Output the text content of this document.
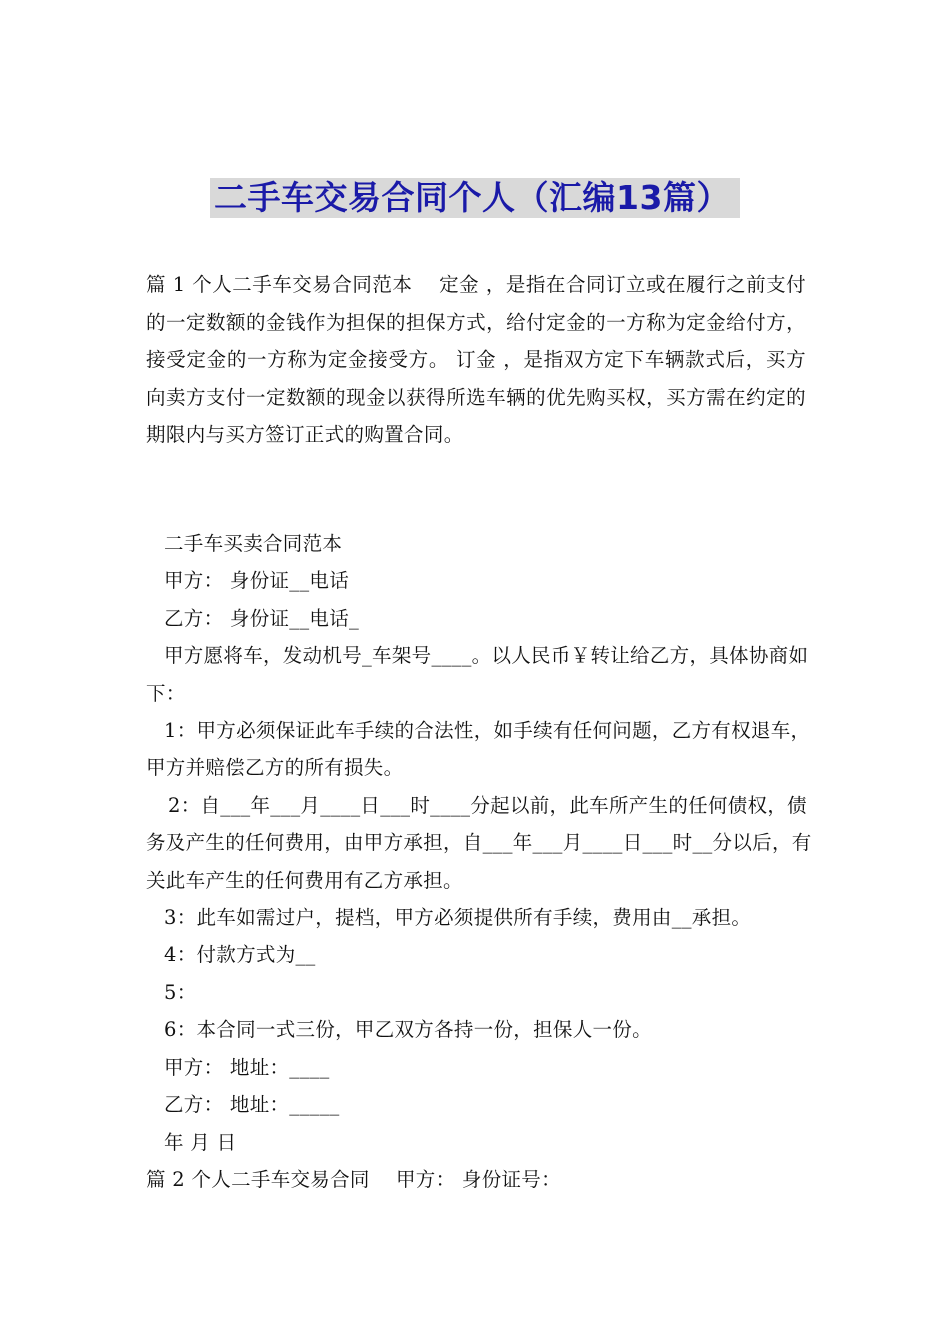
二手车交易合同个人（汇编13篇）

篇 1 个人二手车交易合同范本　 定金 ，是指在合同订立或在履行之前支付的一定数额的金钱作为担保的担保方式，给付定金的一方称为定金给付方，接受定金的一方称为定金接受方。 订金 ，是指双方定下车辆款式后，买方向卖方支付一定数额的现金以获得所选车辆的优先购买权，买方需在约定的期限内与买方签订正式的购置合同。

二手车买卖合同范本

甲方： 身份证__电话

乙方： 身份证__电话_

甲方愿将车，发动机号_车架号____。以人民币￥转让给乙方，具体协商如下：

1：甲方必须保证此车手续的合法性，如手续有任何问题，乙方有权退车，甲方并赔偿乙方的所有损失。

2：自___年___月____日___时____分起以前，此车所产生的任何债权，债务及产生的任何费用，由甲方承担，自___年___月____日___时__分以后，有关此车产生的任何费用有乙方承担。

3：此车如需过户，提档，甲方必须提供所有手续，费用由__承担。

4：付款方式为__

5：

6：本合同一式三份，甲乙双方各持一份，担保人一份。

甲方： 地址：____

乙方： 地址：_____

年 月 日

篇 2 个人二手车交易合同　 甲方： 身份证号：
